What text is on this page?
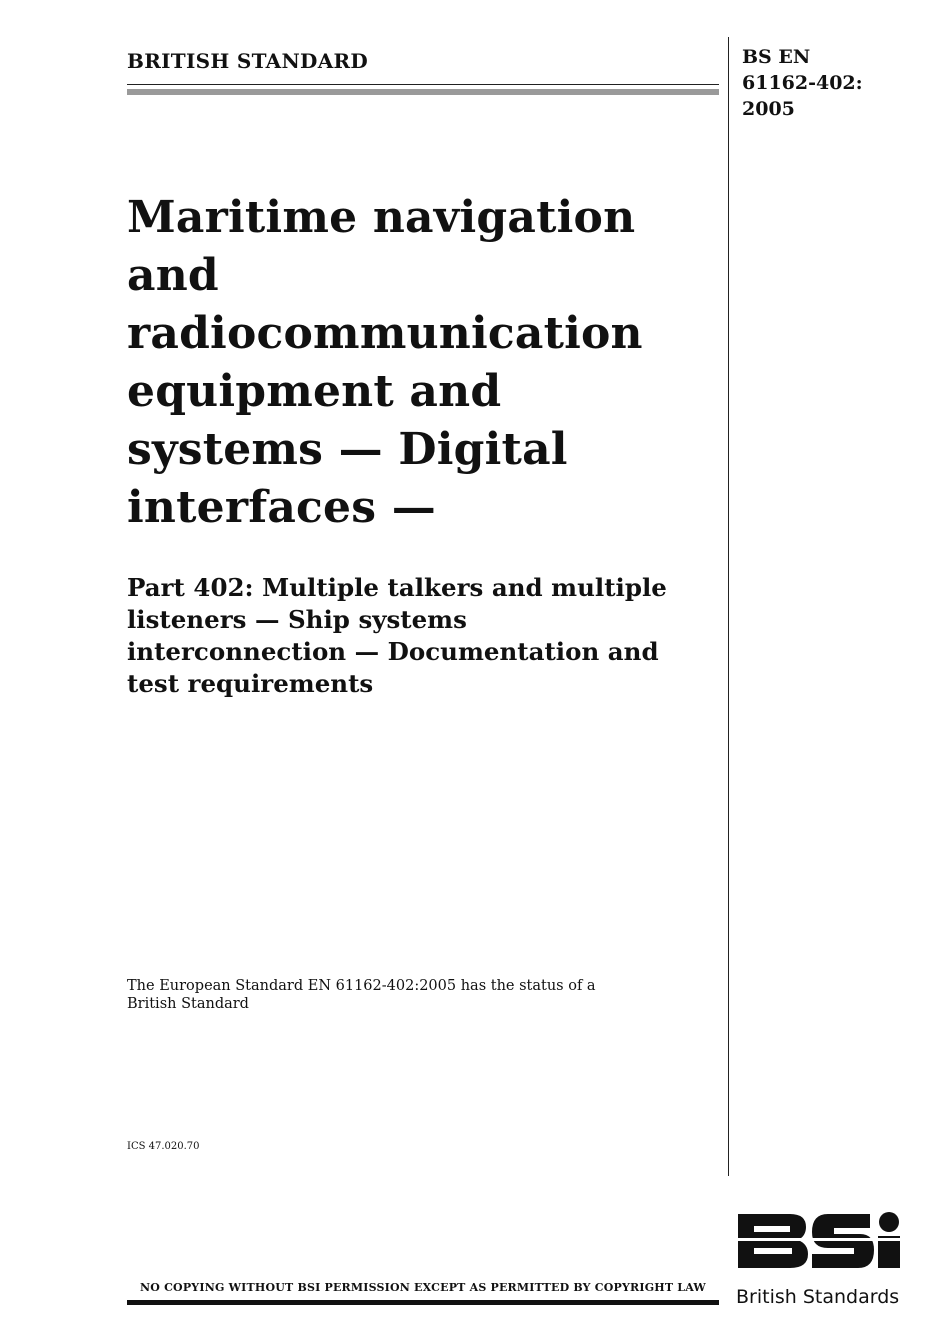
BRITISH STANDARD	BS EN
61162-402:
2005
Maritime navigation
and
radiocommunication
equipment and
systems — Digital
interfaces —
Part 402: Multiple talkers and multiple
listeners — Ship systems
interconnection — Documentation and
test requirements
The European Standard EN 61162-402:2005 has the status of a
British Standard
ICS 47.020.70
NO COPYING WITHOUT BSI PERMISSION EXCEPT AS PERMITTED BY COPYRIGHT LAW	British Standards
